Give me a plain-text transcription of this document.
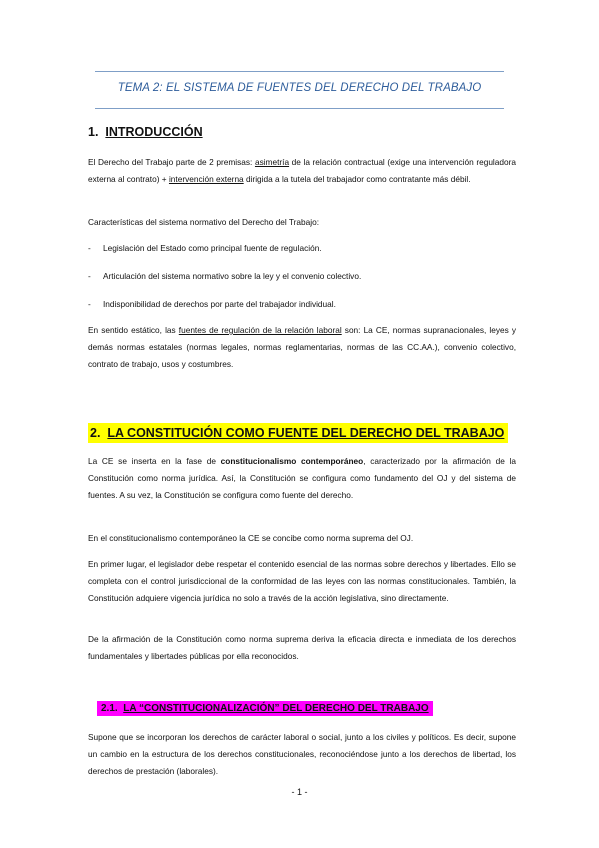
TEMA 2: EL SISTEMA DE FUENTES DEL DERECHO DEL TRABAJO
1. INTRODUCCIÓN
El Derecho del Trabajo parte de 2 premisas: asimetría de la relación contractual (exige una intervención reguladora externa al contrato) + intervención externa dirigida a la tutela del trabajador como contratante más débil.
Características del sistema normativo del Derecho del Trabajo:
- Legislación del Estado como principal fuente de regulación.
- Articulación del sistema normativo sobre la ley y el convenio colectivo.
- Indisponibilidad de derechos por parte del trabajador individual.
En sentido estático, las fuentes de regulación de la relación laboral son: La CE, normas supranacionales, leyes y demás normas estatales (normas legales, normas reglamentarias, normas de las CC.AA.), convenio colectivo, contrato de trabajo, usos y costumbres.
2. LA CONSTITUCIÓN COMO FUENTE DEL DERECHO DEL TRABAJO
La CE se inserta en la fase de constitucionalismo contemporáneo, caracterizado por la afirmación de la Constitución como norma jurídica. Así, la Constitución se configura como fundamento del OJ y del sistema de fuentes. A su vez, la Constitución se configura como fuente del derecho.
En el constitucionalismo contemporáneo la CE se concibe como norma suprema del OJ.
En primer lugar, el legislador debe respetar el contenido esencial de las normas sobre derechos y libertades. Ello se completa con el control jurisdiccional de la conformidad de las leyes con las normas constitucionales. También, la Constitución adquiere vigencia jurídica no solo a través de la acción legislativa, sino directamente.
De la afirmación de la Constitución como norma suprema deriva la eficacia directa e inmediata de los derechos fundamentales y libertades públicas por ella reconocidos.
2.1. LA “CONSTITUCIONALIZACIÓN” DEL DERECHO DEL TRABAJO
Supone que se incorporan los derechos de carácter laboral o social, junto a los civiles y políticos. Es decir, supone un cambio en la estructura de los derechos constitucionales, reconociéndose junto a los derechos de libertad, los derechos de prestación (laborales).
- 1 -
